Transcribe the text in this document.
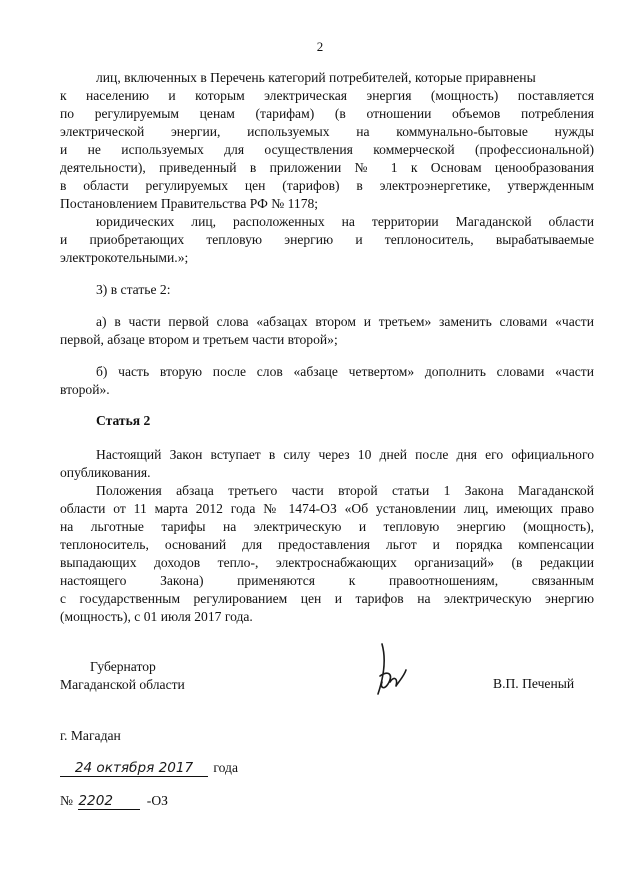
2
лиц, включенных в Перечень категорий потребителей, которые приравнены
к населению и которым электрическая энергия (мощность) поставляется
по регулируемым ценам (тарифам) (в отношении объемов потребления
электрической энергии, используемых на коммунально-бытовые нужды
и не используемых для осуществления коммерческой (профессиональной)
деятельности), приведенный в приложении № 1 к Основам ценообразования
в области регулируемых цен (тарифов) в электроэнергетике, утвержденным
Постановлением Правительства РФ № 1178;
юридических лиц, расположенных на территории Магаданской области
и приобретающих тепловую энергию и теплоноситель, вырабатываемые
электрокотельными.»;
3) в статье 2:
а) в части первой слова «абзацах втором и третьем» заменить словами «части
первой, абзаце втором и третьем части второй»;
б) часть вторую после слов «абзаце четвертом» дополнить словами «части
второй».
Статья 2
Настоящий Закон вступает в силу через 10 дней после дня его официального
опубликования.
Положения абзаца третьего части второй статьи 1 Закона Магаданской
области от 11 марта 2012 года № 1474-ОЗ «Об установлении лиц, имеющих право
на льготные тарифы на электрическую и тепловую энергию (мощность),
теплоноситель, оснований для предоставления льгот и порядка компенсации
выпадающих доходов тепло-, электроснабжающих организаций» (в редакции
настоящего Закона) применяются к правоотношениям, связанным
с государственным регулированием цен и тарифов на электрическую энергию
(мощность), с 01 июля 2017 года.
Губернатор
Магаданской области	В.П. Печеный
г. Магадан
24 октября 2017 года
№ 2202 -ОЗ
